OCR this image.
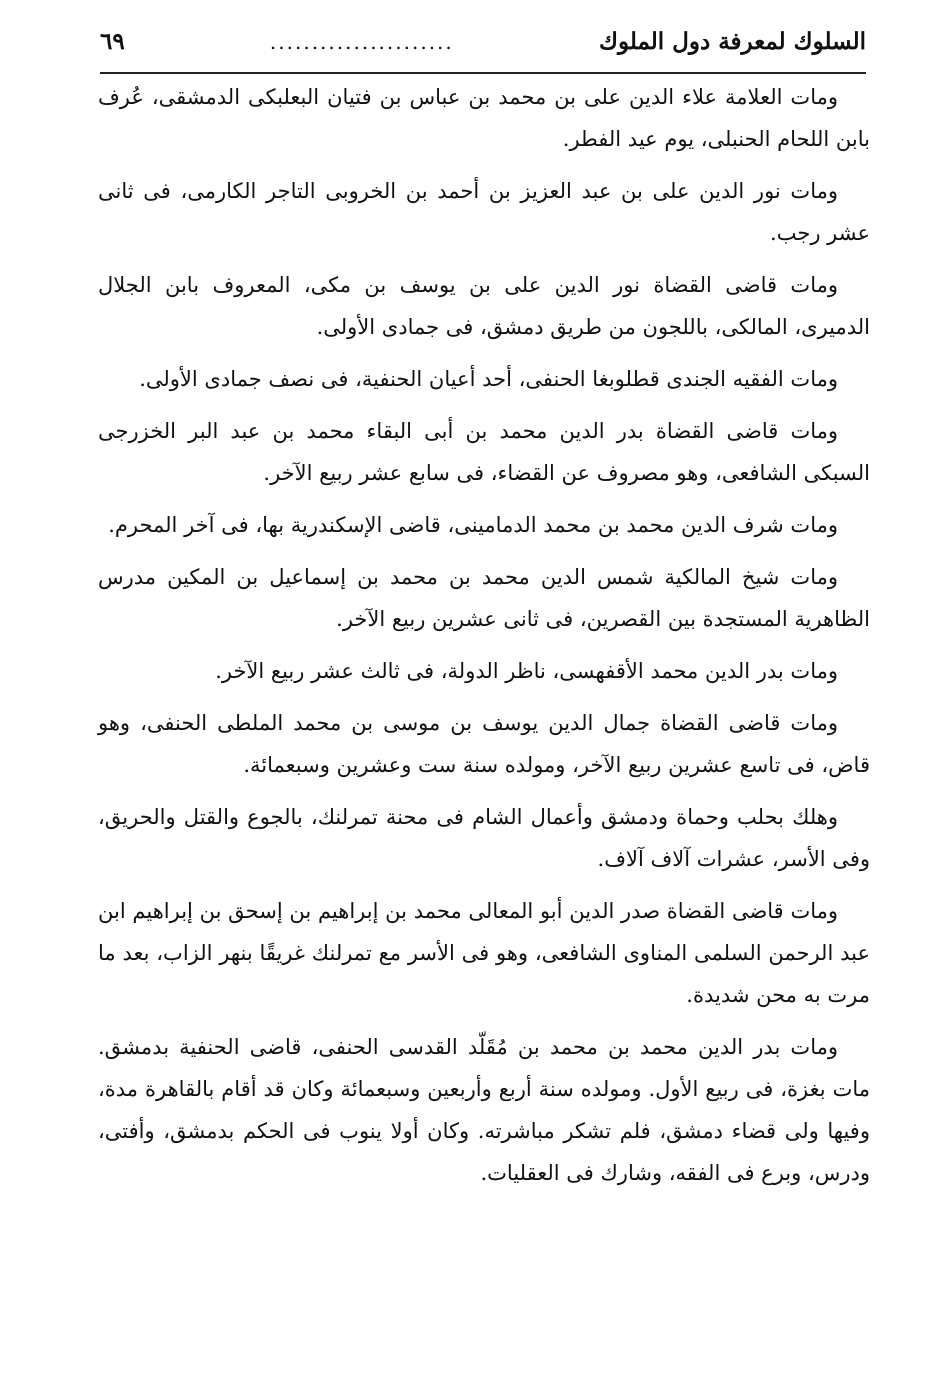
السلوك لمعرفة دول الملوك
......................
٦٩

ومات العلامة علاء الدين على بن محمد بن عباس بن فتيان البعلبكى الدمشقى، عُرف بابن اللحام الحنبلى، يوم عيد الفطر.

ومات نور الدين على بن عبد العزيز بن أحمد بن الخروبى التاجر الكارمى، فى ثانى عشر رجب.

ومات قاضى القضاة نور الدين على بن يوسف بن مكى، المعروف بابن الجلال الدميرى، المالكى، باللجون من طريق دمشق، فى جمادى الأولى.

ومات الفقيه الجندى قطلوبغا الحنفى، أحد أعيان الحنفية، فى نصف جمادى الأولى.

ومات قاضى القضاة بدر الدين محمد بن أبى البقاء محمد بن عبد البر الخزرجى السبكى الشافعى، وهو مصروف عن القضاء، فى سابع عشر ربيع الآخر.

ومات شرف الدين محمد بن محمد الدمامينى، قاضى الإسكندرية بها، فى آخر المحرم.

ومات شيخ المالكية شمس الدين محمد بن محمد بن إسماعيل بن المكين مدرس الظاهرية المستجدة بين القصرين، فى ثانى عشرين ربيع الآخر.

ومات بدر الدين محمد الأقفهسى، ناظر الدولة، فى ثالث عشر ربيع الآخر.

ومات قاضى القضاة جمال الدين يوسف بن موسى بن محمد الملطى الحنفى، وهو قاض، فى تاسع عشرين ربيع الآخر، ومولده سنة ست وعشرين وسبعمائة.

وهلك بحلب وحماة ودمشق وأعمال الشام فى محنة تمرلنك، بالجوع والقتل والحريق، وفى الأسر، عشرات آلاف آلاف.

ومات قاضى القضاة صدر الدين أبو المعالى محمد بن إبراهيم بن إسحق بن إبراهيم ابن عبد الرحمن السلمى المناوى الشافعى، وهو فى الأسر مع تمرلنك غريقًا بنهر الزاب، بعد ما مرت به محن شديدة.

ومات بدر الدين محمد بن محمد بن مُقَلّد القدسى الحنفى، قاضى الحنفية بدمشق. مات بغزة، فى ربيع الأول. ومولده سنة أربع وأربعين وسبعمائة وكان قد أقام بالقاهرة مدة، وفيها ولى قضاء دمشق، فلم تشكر مباشرته. وكان أولا ينوب فى الحكم بدمشق، وأفتى، ودرس، وبرع فى الفقه، وشارك فى العقليات.
